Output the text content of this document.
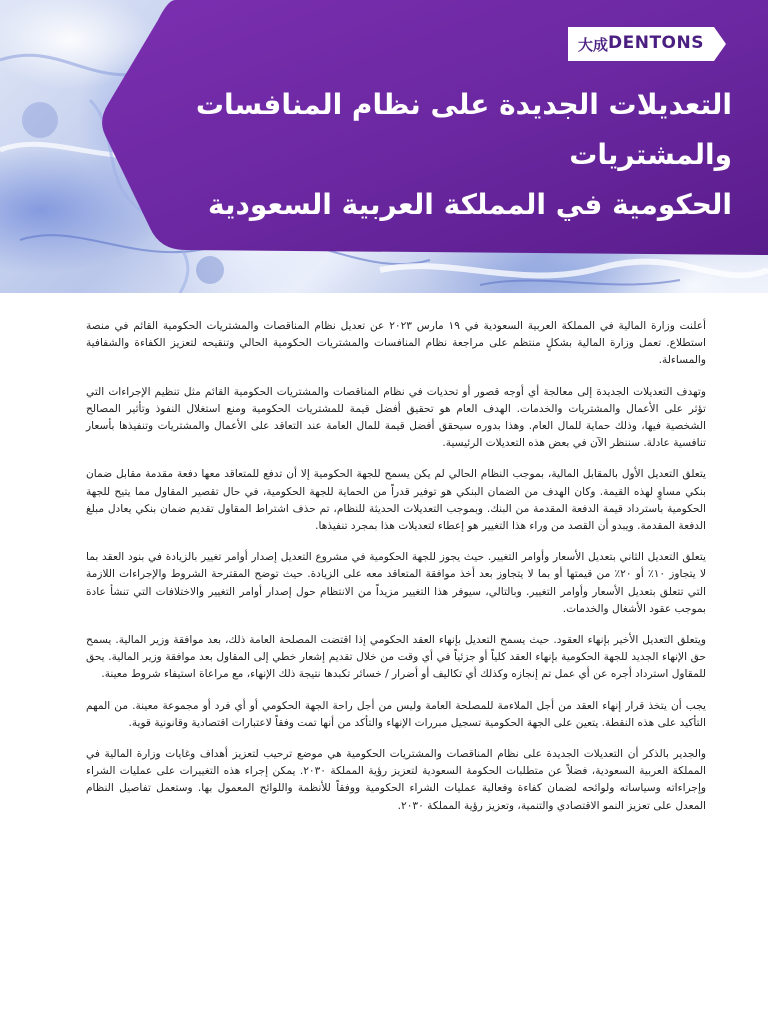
大成 DENTONS
التعديلات الجديدة على نظام المنافسات والمشتريات
الحكومية في المملكة العربية السعودية

أعلنت وزارة المالية في المملكة العربية السعودية في ١٩ مارس ٢٠٢٣ عن تعديل نظام المناقصات والمشتريات الحكومية القائم في منصة استطلاع. تعمل وزارة المالية بشكلٍ منتظم على مراجعة نظام المنافسات والمشتريات الحكومية الحالي وتنقيحه لتعزيز الكفاءة والشفافية والمساءلة.

وتهدف التعديلات الجديدة إلى معالجة أي أوجه قصور أو تحديات في نظام المناقصات والمشتريات الحكومية القائم مثل تنظيم الإجراءات التي تؤثر على الأعمال والمشتريات والخدمات. الهدف العام هو تحقيق أفضل قيمة للمشتريات الحكومية ومنع استغلال النفوذ وتأثير المصالح الشخصية فيها، وذلك حماية للمال العام. وهذا بدوره سيحقق أفضل قيمة للمال العامة عند التعاقد على الأعمال والمشتريات وتنفيذها بأسعار تنافسية عادلة. سننظر الآن في بعض هذه التعديلات الرئيسية.

يتعلق التعديل الأول بالمقابل المالية، بموجب النظام الحالي لم يكن يسمح للجهة الحكومية إلا أن تدفع للمتعاقد معها دفعة مقدمة مقابل ضمان بنكي مساوٍ لهذه القيمة. وكان الهدف من الضمان البنكي هو توفير قدراً من الحماية للجهة الحكومية، في حال تقصير المقاول مما يتيح للجهة الحكومية باسترداد قيمة الدفعة المقدمة من البنك. وبموجب التعديلات الحديثة للنظام، تم حذف اشتراط المقاول تقديم ضمان بنكي يعادل مبلغ الدفعة المقدمة. ويبدو أن القصد من وراء هذا التغيير هو إعطاء لتعديلات هذا بمجرد تنفيذها.

يتعلق التعديل الثاني بتعديل الأسعار وأوامر التغيير. حيث يجوز للجهة الحكومية في مشروع التعديل إصدار أوامر تغيير بالزيادة في بنود العقد بما لا يتجاوز ١٠٪ أو ٢٠٪ من قيمتها أو بما لا يتجاوز بعد أخذ موافقة المتعاقد معه على الزيادة. حيث توضح المقترحة الشروط والإجراءات اللازمة التي تتعلق بتعديل الأسعار وأوامر التغيير. وبالتالي، سيوفر هذا التغيير مزيداً من الانتظام حول إصدار أوامر التغيير والاختلافات التي تنشأ عادة بموجب عقود الأشغال والخدمات.

ويتعلق التعديل الأخير بإنهاء العقود. حيث يسمح التعديل بإنهاء العقد الحكومي إذا اقتضت المصلحة العامة ذلك، بعد موافقة وزير المالية. يسمح حق الإنهاء الجديد للجهة الحكومية بإنهاء العقد كلياً أو جزئياً في أي وقت من خلال تقديم إشعار خطي إلى المقاول بعد موافقة وزير المالية. يحق للمقاول استرداد أجره عن أي عمل تم إنجازه وكذلك أي تكاليف أو أضرار / خسائر تكبدها نتيجة ذلك الإنهاء، مع مراعاة استيفاء شروط معينة.

يجب أن يتخذ قرار إنهاء العقد من أجل الملاءمة للمصلحة العامة وليس من أجل راحة الجهة الحكومي أو أي فرد أو مجموعة معينة. من المهم التأكيد على هذه النقطة. يتعين على الجهة الحكومية تسجيل مبررات الإنهاء والتأكد من أنها تمت وفقاً لاعتبارات اقتصادية وقانونية قوية.

والجدير بالذكر أن التعديلات الجديدة على نظام المناقصات والمشتريات الحكومية هي موضع ترحيب لتعزيز أهداف وغايات وزارة المالية في المملكة العربية السعودية، فضلاً عن متطلبات الحكومة السعودية لتعزيز رؤية المملكة ٢٠٣٠. يمكن إجراء هذه التغييرات على عمليات الشراء وإجراءاته وسياساته ولوائحه لضمان كفاءة وفعالية عمليات الشراء الحكومية ووفقاً للأنظمة واللوائح المعمول بها. وستعمل تفاصيل النظام المعدل على تعزيز النمو الاقتصادي والتنمية، وتعزيز رؤية المملكة ٢٠٣٠.
